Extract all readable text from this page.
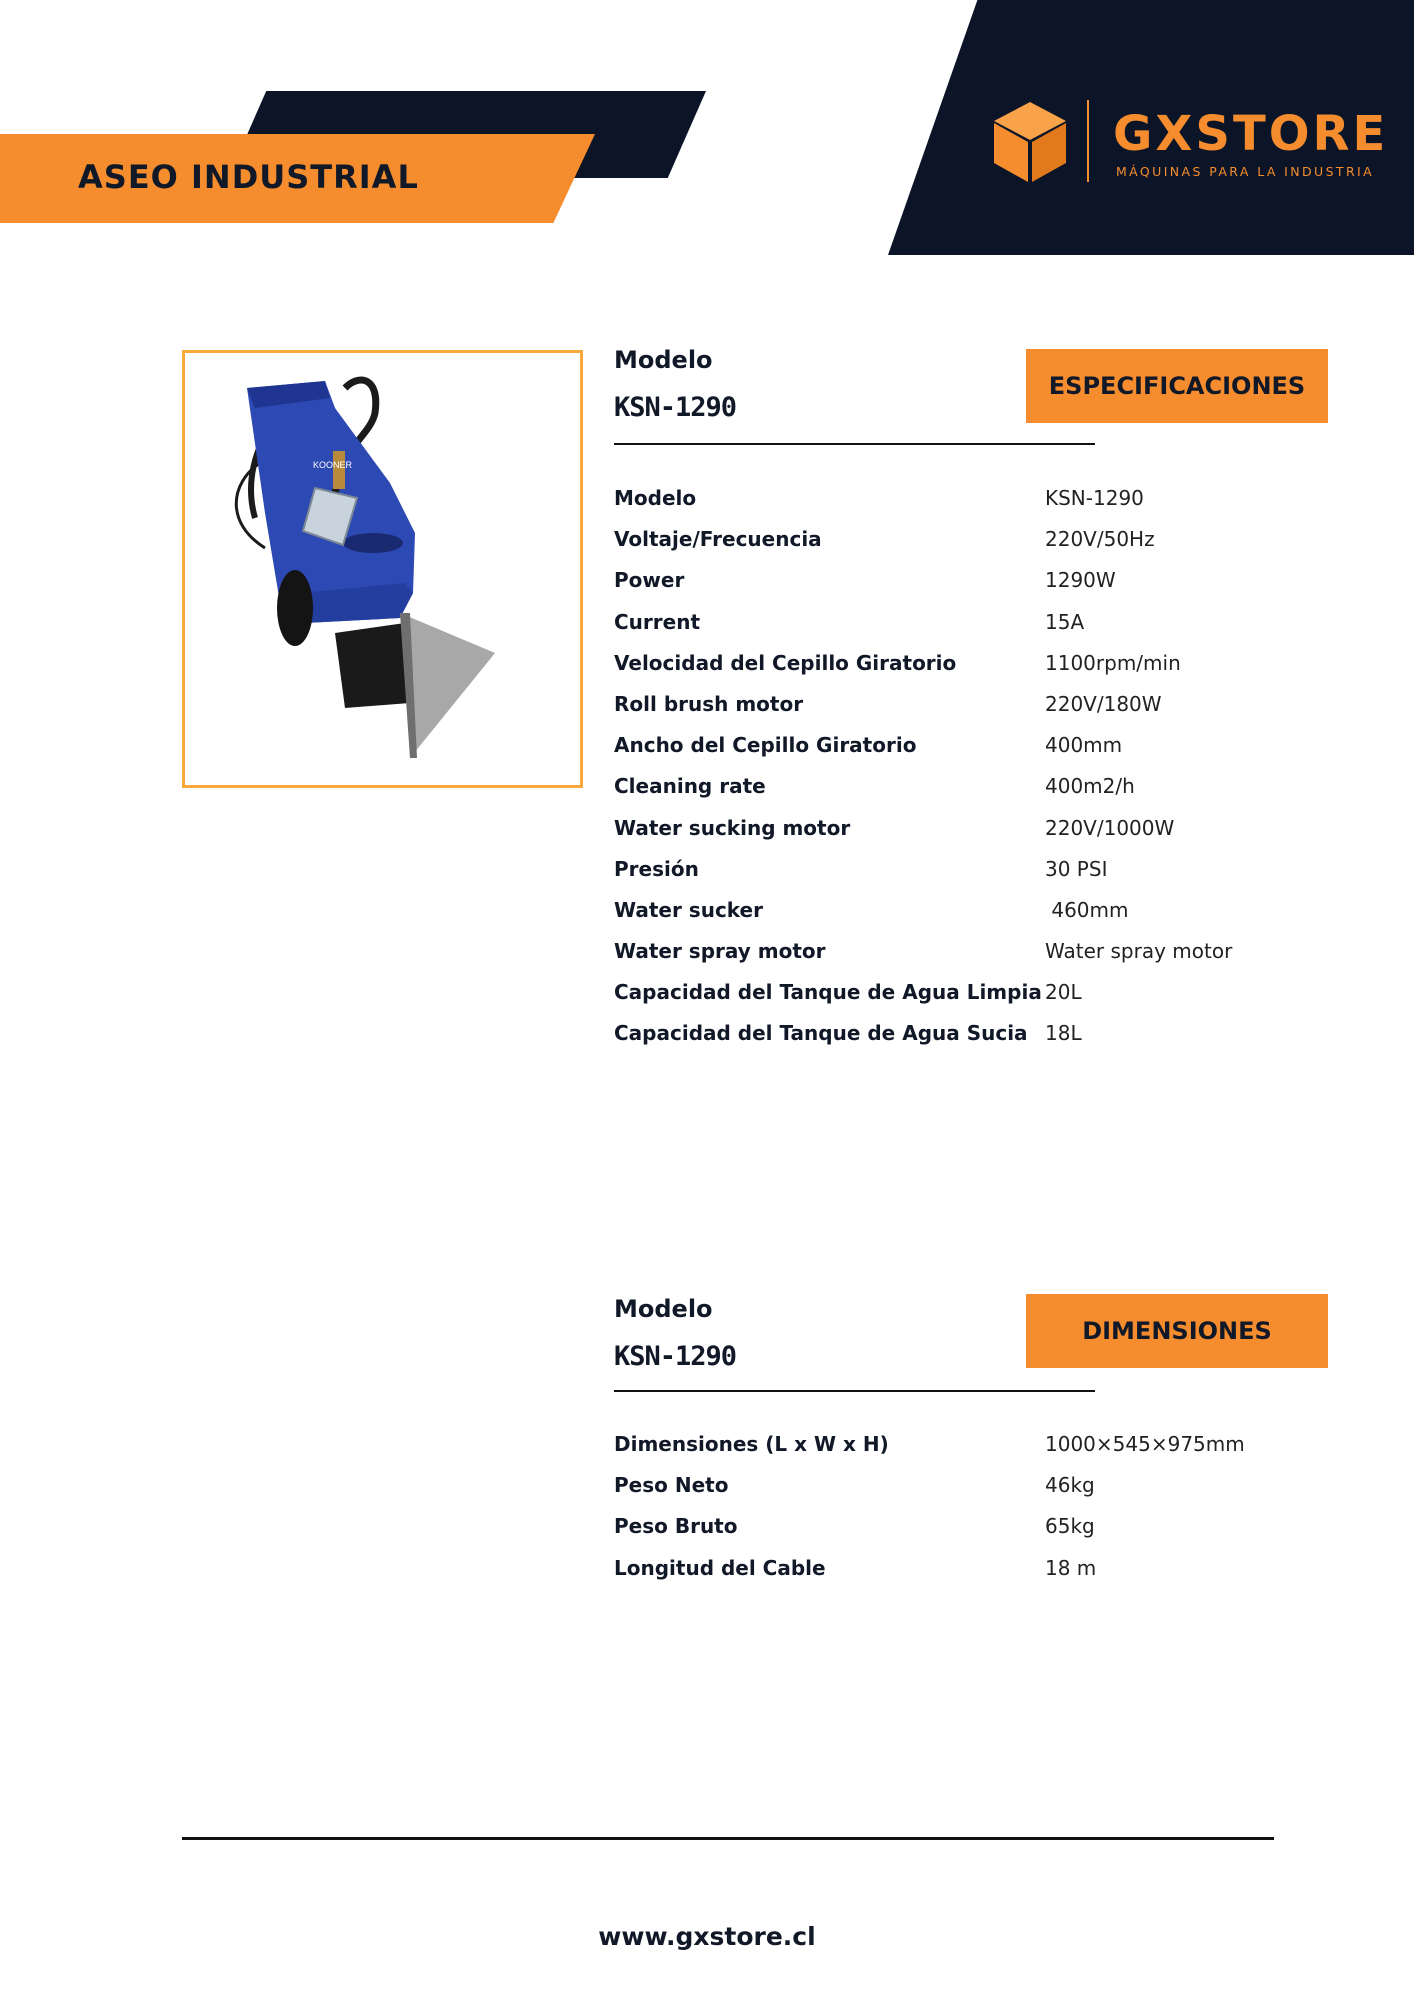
ASEO INDUSTRIAL
GXSTORE
MÁQUINAS PARA LA INDUSTRIA
KOONER
Modelo
KSN-1290
ESPECIFICACIONES
Modelo	KSN-1290
Voltaje/Frecuencia	220V/50Hz
Power	1290W
Current	15A
Velocidad del Cepillo Giratorio	1100rpm/min
Roll brush motor	220V/180W
Ancho del Cepillo Giratorio	400mm
Cleaning rate	400m2/h
Water sucking motor	220V/1000W
Presión	30 PSI
Water sucker	460mm
Water spray motor	Water spray motor
Capacidad del Tanque de Agua Limpia 20L
Capacidad del Tanque de Agua Sucia 18L
Modelo
KSN-1290
DIMENSIONES
Dimensiones (L x W x H)	1000×545×975mm
Peso Neto	46kg
Peso Bruto	65kg
Longitud del Cable	18 m
www.gxstore.cl
